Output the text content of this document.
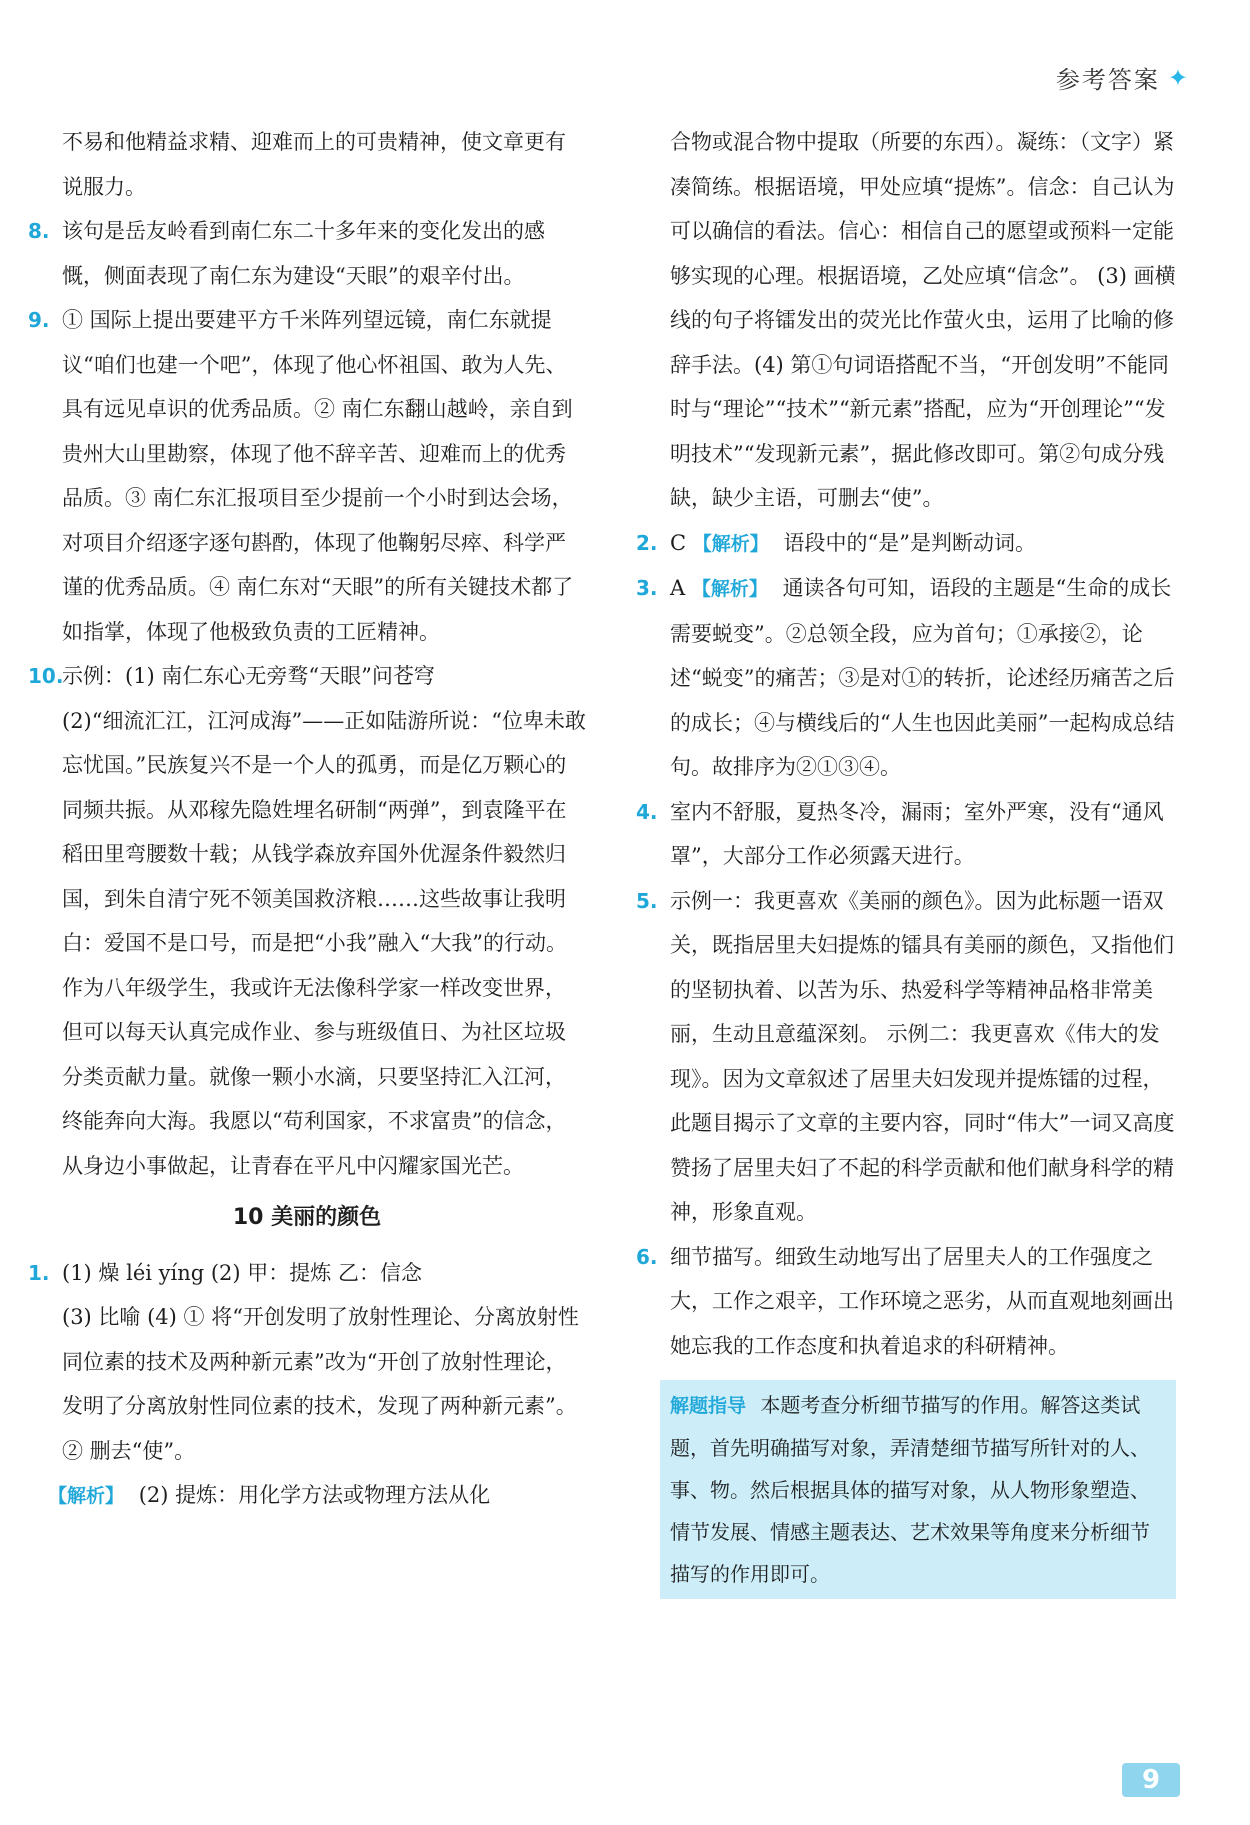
参考答案 ✦

不易和他精益求精、迎难而上的可贵精神，使文章更有说服力。

8. 该句是岳友岭看到南仁东二十多年来的变化发出的感慨，侧面表现了南仁东为建设“天眼”的艰辛付出。

9. ① 国际上提出要建平方千米阵列望远镜，南仁东就提议“咱们也建一个吧”，体现了他心怀祖国、敢为人先、具有远见卓识的优秀品质。② 南仁东翻山越岭，亲自到贵州大山里勘察，体现了他不辞辛苦、迎难而上的优秀品质。③ 南仁东汇报项目至少提前一个小时到达会场，对项目介绍逐字逐句斟酌，体现了他鞠躬尽瘁、科学严谨的优秀品质。④ 南仁东对“天眼”的所有关键技术都了如指掌，体现了他极致负责的工匠精神。

10.
示例：(1) 南仁东心无旁骛“天眼”问苍穹

(2)“细流汇江，江河成海”——正如陆游所说：“位卑未敢忘忧国。”民族复兴不是一个人的孤勇，而是亿万颗心的同频共振。从邓稼先隐姓埋名研制“两弹”，到袁隆平在稻田里弯腰数十载；从钱学森放弃国外优渥条件毅然归国，到朱自清宁死不领美国救济粮……这些故事让我明白：爱国不是口号，而是把“小我”融入“大我”的行动。作为八年级学生，我或许无法像科学家一样改变世界，但可以每天认真完成作业、参与班级值日、为社区垃圾分类贡献力量。就像一颗小水滴，只要坚持汇入江河，终能奔向大海。我愿以“苟利国家，不求富贵”的信念，从身边小事做起，让青春在平凡中闪耀家国光芒。

10 美丽的颜色

1. (1) 燥 léi yíng (2) 甲：提炼 乙：信念

(3) 比喻 (4) ① 将“开创发明了放射性理论、分离放射性同位素的技术及两种新元素”改为“开创了放射性理论，发明了分离放射性同位素的技术，发现了两种新元素”。 ② 删去“使”。

【解析】 (2) 提炼：用化学方法或物理方法从化

合物或混合物中提取（所要的东西）。凝练：（文字）紧凑简练。根据语境，甲处应填“提炼”。信念：自己认为可以确信的看法。信心：相信自己的愿望或预料一定能够实现的心理。根据语境，乙处应填“信念”。 (3) 画横线的句子将镭发出的荧光比作萤火虫，运用了比喻的修辞手法。(4) 第①句词语搭配不当，“开创发明”不能同时与“理论”“技术”“新元素”搭配，应为“开创理论”“发明技术”“发现新元素”，据此修改即可。第②句成分残缺，缺少主语，可删去“使”。

2. C 【解析】 语段中的“是”是判断动词。

3. A 【解析】 通读各句可知，语段的主题是“生命的成长需要蜕变”。②总领全段，应为首句；①承接②，论述“蜕变”的痛苦；③是对①的转折，论述经历痛苦之后的成长；④与横线后的“人生也因此美丽”一起构成总结句。故排序为②①③④。

4. 室内不舒服，夏热冬冷，漏雨；室外严寒，没有“通风罩”，大部分工作必须露天进行。

5. 示例一：我更喜欢《美丽的颜色》。因为此标题一语双关，既指居里夫妇提炼的镭具有美丽的颜色，又指他们的坚韧执着、以苦为乐、热爱科学等精神品格非常美丽，生动且意蕴深刻。 示例二：我更喜欢《伟大的发现》。因为文章叙述了居里夫妇发现并提炼镭的过程，此题目揭示了文章的主要内容，同时“伟大”一词又高度赞扬了居里夫妇了不起的科学贡献和他们献身科学的精神，形象直观。

6. 细节描写。细致生动地写出了居里夫人的工作强度之大，工作之艰辛，工作环境之恶劣，从而直观地刻画出她忘我的工作态度和执着追求的科研精神。

解题指导 本题考查分析细节描写的作用。解答这类试题，首先明确描写对象，弄清楚细节描写所针对的人、事、物。然后根据具体的描写对象，从人物形象塑造、情节发展、情感主题表达、艺术效果等角度来分析细节描写的作用即可。
9
